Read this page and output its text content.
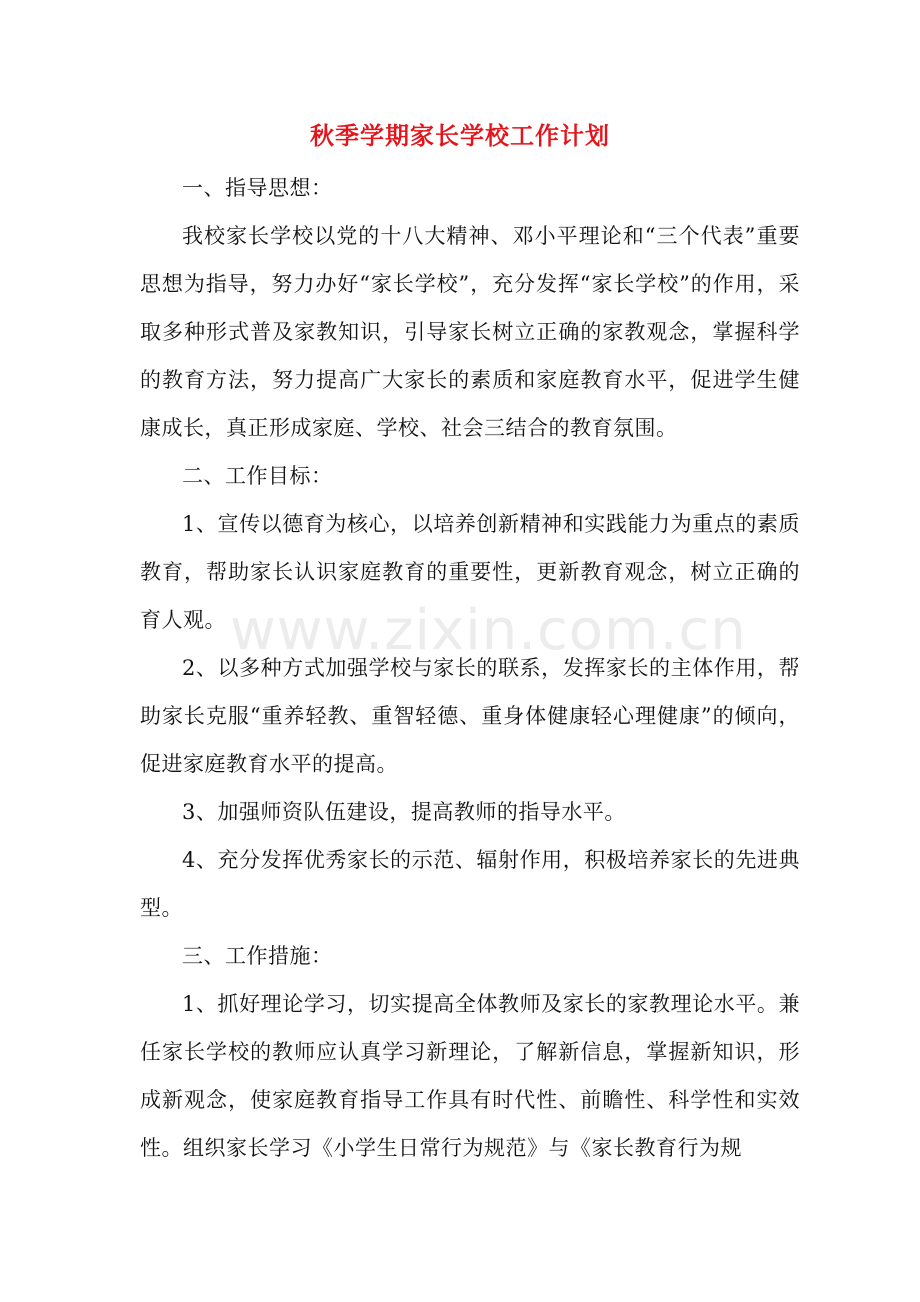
www.zixin.com.cn
秋季学期家长学校工作计划

一、指导思想：

我校家长学校以党的十八大精神、邓小平理论和“三个代表”重要思想为指导，努力办好“家长学校”，充分发挥“家长学校”的作用，采取多种形式普及家教知识，引导家长树立正确的家教观念，掌握科学的教育方法，努力提高广大家长的素质和家庭教育水平，促进学生健康成长，真正形成家庭、学校、社会三结合的教育氛围。

二、工作目标：

1、宣传以德育为核心，以培养创新精神和实践能力为重点的素质教育，帮助家长认识家庭教育的重要性，更新教育观念，树立正确的育人观。

2、以多种方式加强学校与家长的联系，发挥家长的主体作用，帮助家长克服“重养轻教、重智轻德、重身体健康轻心理健康”的倾向，促进家庭教育水平的提高。

3、加强师资队伍建设，提高教师的指导水平。

4、充分发挥优秀家长的示范、辐射作用，积极培养家长的先进典型。

三、工作措施：

1、抓好理论学习，切实提高全体教师及家长的家教理论水平。兼任家长学校的教师应认真学习新理论，了解新信息，掌握新知识，形成新观念，使家庭教育指导工作具有时代性、前瞻性、科学性和实效性。组织家长学习《小学生日常行为规范》与《家长教育行为规
